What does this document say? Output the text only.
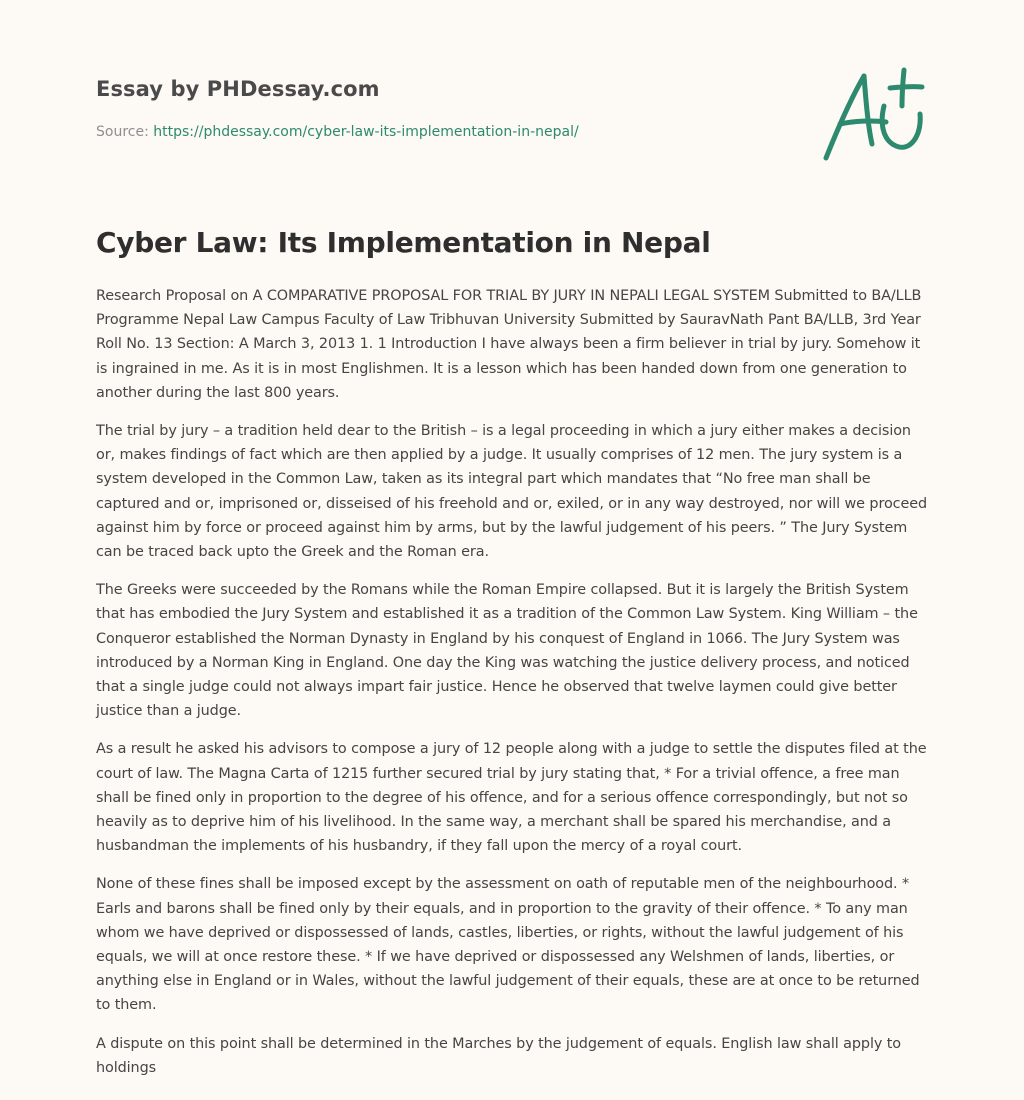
Essay by PHDessay.com
Source: https://phdessay.com/cyber-law-its-implementation-in-nepal/
Cyber Law: Its Implementation in Nepal

Research Proposal on A COMPARATIVE PROPOSAL FOR TRIAL BY JURY IN NEPALI LEGAL SYSTEM Submitted to BA/LLB Programme Nepal Law Campus Faculty of Law Tribhuvan University Submitted by SauravNath Pant BA/LLB, 3rd Year Roll No. 13 Section: A March 3, 2013 1. 1 Introduction I have always been a firm believer in trial by jury. Somehow it is ingrained in me. As it is in most Englishmen. It is a lesson which has been handed down from one generation to another during the last 800 years.

The trial by jury – a tradition held dear to the British – is a legal proceeding in which a jury either makes a decision or, makes findings of fact which are then applied by a judge. It usually comprises of 12 men. The jury system is a system developed in the Common Law, taken as its integral part which mandates that “No free man shall be captured and or, imprisoned or, disseised of his freehold and or, exiled, or in any way destroyed, nor will we proceed against him by force or proceed against him by arms, but by the lawful judgement of his peers. ” The Jury System can be traced back upto the Greek and the Roman era.

The Greeks were succeeded by the Romans while the Roman Empire collapsed. But it is largely the British System that has embodied the Jury System and established it as a tradition of the Common Law System. King William – the Conqueror established the Norman Dynasty in England by his conquest of England in 1066. The Jury System was introduced by a Norman King in England. One day the King was watching the justice delivery process, and noticed that a single judge could not always impart fair justice. Hence he observed that twelve laymen could give better justice than a judge.

As a result he asked his advisors to compose a jury of 12 people along with a judge to settle the disputes filed at the court of law. The Magna Carta of 1215 further secured trial by jury stating that, * For a trivial offence, a free man shall be fined only in proportion to the degree of his offence, and for a serious offence correspondingly, but not so heavily as to deprive him of his livelihood. In the same way, a merchant shall be spared his merchandise, and a husbandman the implements of his husbandry, if they fall upon the mercy of a royal court.

None of these fines shall be imposed except by the assessment on oath of reputable men of the neighbourhood. * Earls and barons shall be fined only by their equals, and in proportion to the gravity of their offence. * To any man whom we have deprived or dispossessed of lands, castles, liberties, or rights, without the lawful judgement of his equals, we will at once restore these. * If we have deprived or dispossessed any Welshmen of lands, liberties, or anything else in England or in Wales, without the lawful judgement of their equals, these are at once to be returned to them.

A dispute on this point shall be determined in the Marches by the judgement of equals. English law shall apply to holdings
